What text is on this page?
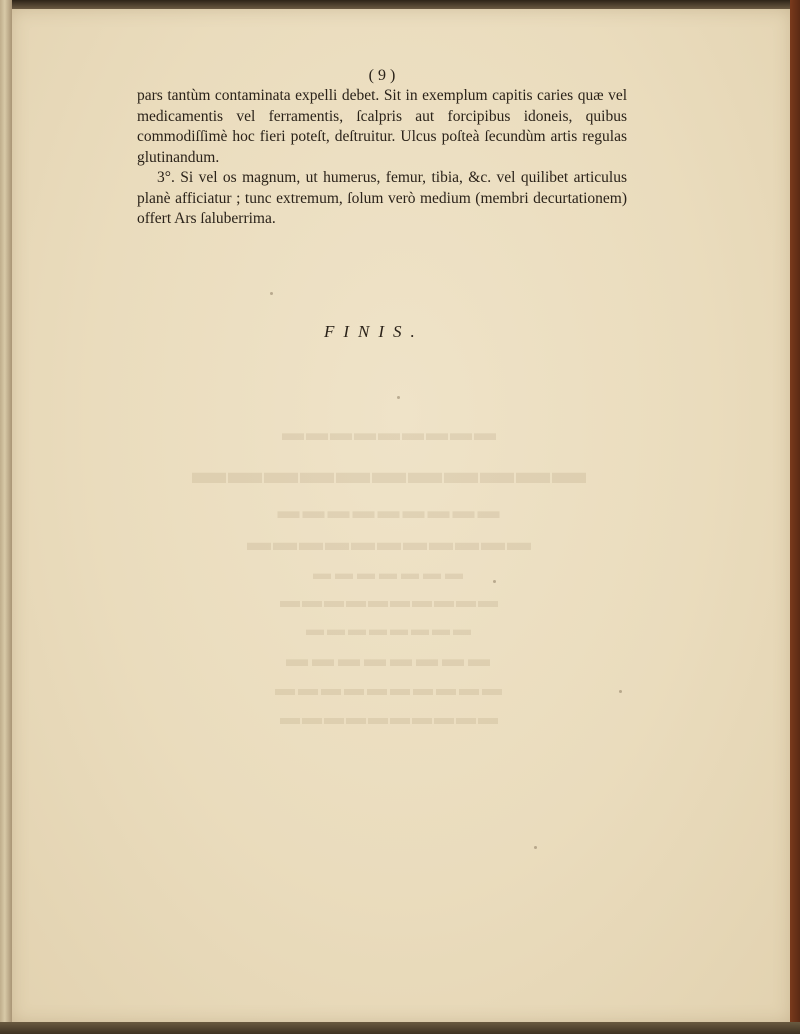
( 9 )

pars tantùm contaminata expelli debet. Sit in exemplum capitis caries quæ vel medicamentis vel ferramentis, ſcalpris aut forcipibus idoneis, quibus commodiſſimè hoc fieri poteſt, deſtruitur. Ulcus poſteà ſecundùm artis regulas glutinandum.

3°. Si vel os magnum, ut humerus, femur, tibia, &c. vel quilibet articulus planè afficiatur ; tunc extremum, ſolum verò medium (membri decurtationem) offert Ars ſaluberrima.

FINIS.
